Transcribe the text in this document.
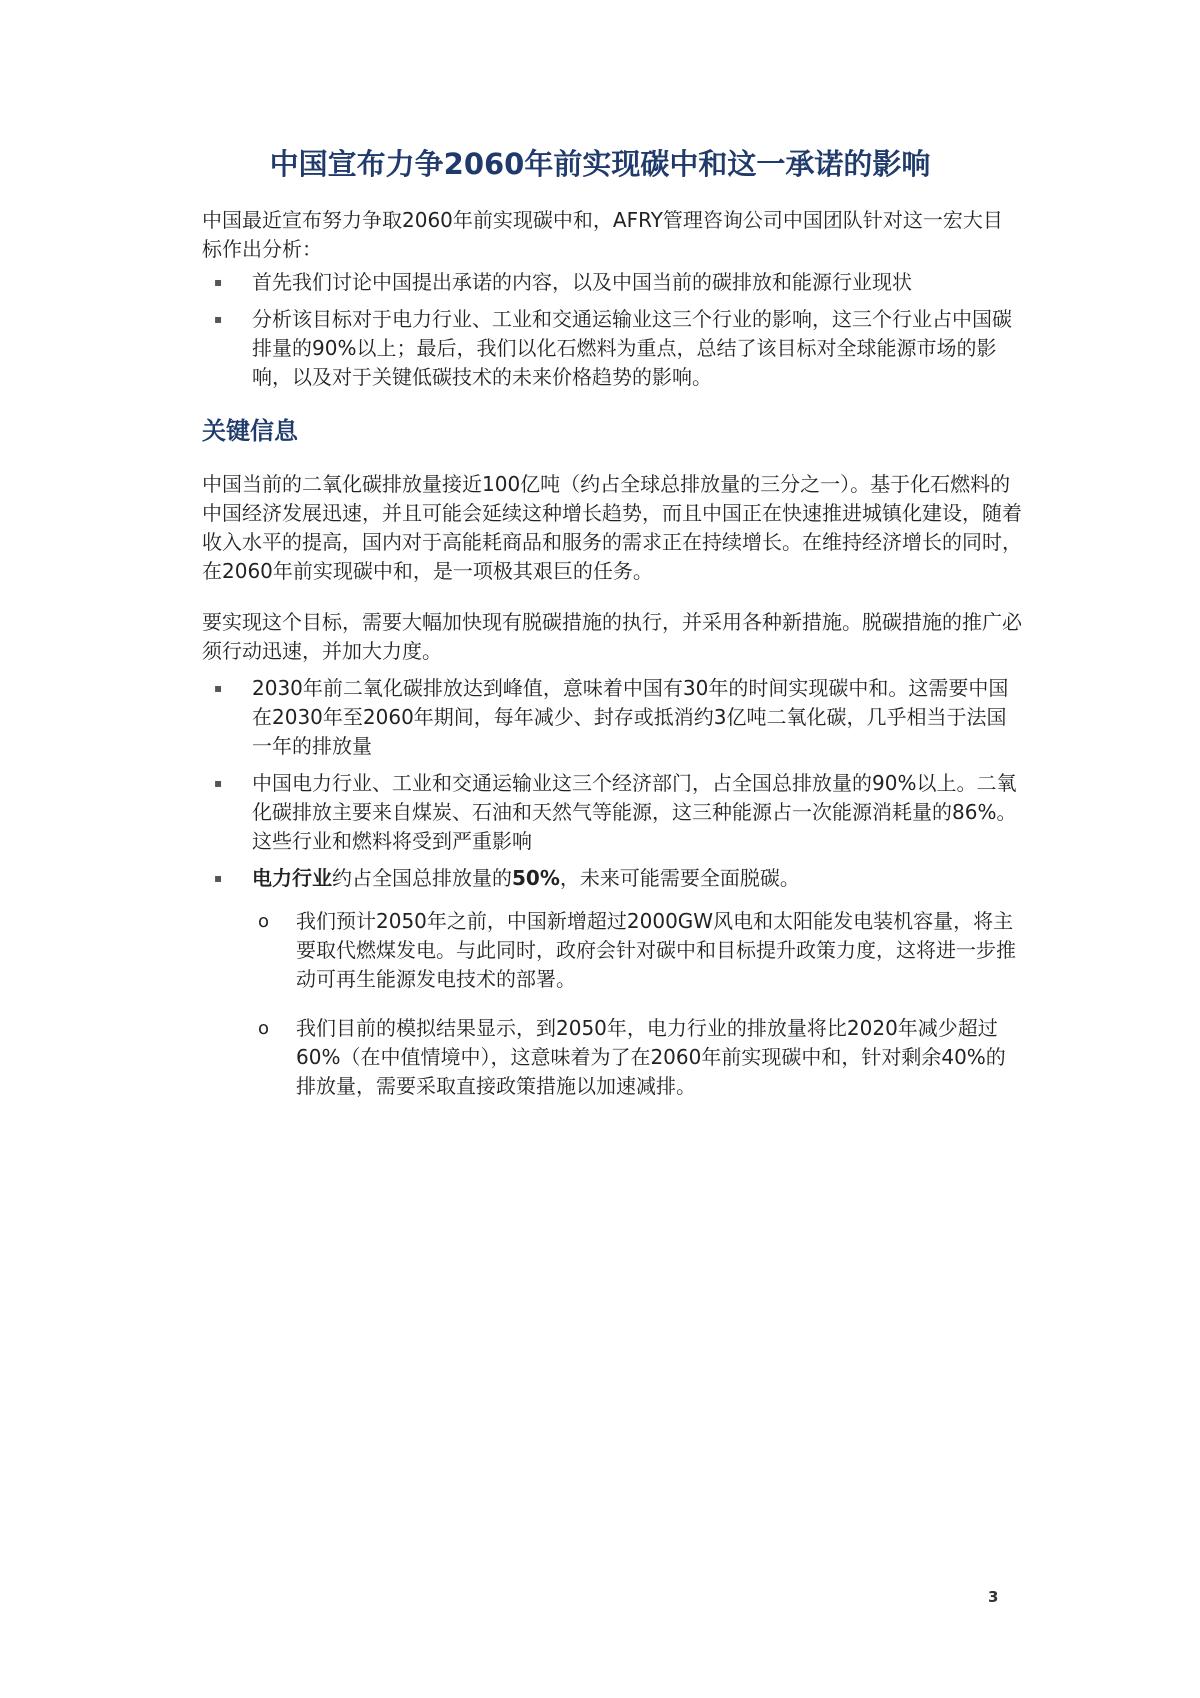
中国宣布力争2060年前实现碳中和这一承诺的影响

中国最近宣布努力争取2060年前实现碳中和，AFRY管理咨询公司中国团队针对这一宏大目标作出分析：

▪ 首先我们讨论中国提出承诺的内容，以及中国当前的碳排放和能源行业现状
▪ 分析该目标对于电力行业、工业和交通运输业这三个行业的影响，这三个行业占中国碳排量的90%以上；最后，我们以化石燃料为重点，总结了该目标对全球能源市场的影响，以及对于关键低碳技术的未来价格趋势的影响。
关键信息

中国当前的二氧化碳排放量接近100亿吨（约占全球总排放量的三分之一）。基于化石燃料的中国经济发展迅速，并且可能会延续这种增长趋势，而且中国正在快速推进城镇化建设，随着收入水平的提高，国内对于高能耗商品和服务的需求正在持续增长。在维持经济增长的同时，在2060年前实现碳中和，是一项极其艰巨的任务。

要实现这个目标，需要大幅加快现有脱碳措施的执行，并采用各种新措施。脱碳措施的推广必须行动迅速，并加大力度。

▪ 2030年前二氧化碳排放达到峰值，意味着中国有30年的时间实现碳中和。这需要中国在2030年至2060年期间，每年减少、封存或抵消约3亿吨二氧化碳，几乎相当于法国一年的排放量
▪ 中国电力行业、工业和交通运输业这三个经济部门，占全国总排放量的90%以上。二氧化碳排放主要来自煤炭、石油和天然气等能源，这三种能源占一次能源消耗量的86%。这些行业和燃料将受到严重影响
▪ 电力行业约占全国总排放量的50%，未来可能需要全面脱碳。
o 我们预计2050年之前，中国新增超过2000GW风电和太阳能发电装机容量，将主要取代燃煤发电。与此同时，政府会针对碳中和目标提升政策力度，这将进一步推动可再生能源发电技术的部署。
o 我们目前的模拟结果显示，到2050年，电力行业的排放量将比2020年减少超过60%（在中值情境中），这意味着为了在2060年前实现碳中和，针对剩余40%的排放量，需要采取直接政策措施以加速减排。
3
